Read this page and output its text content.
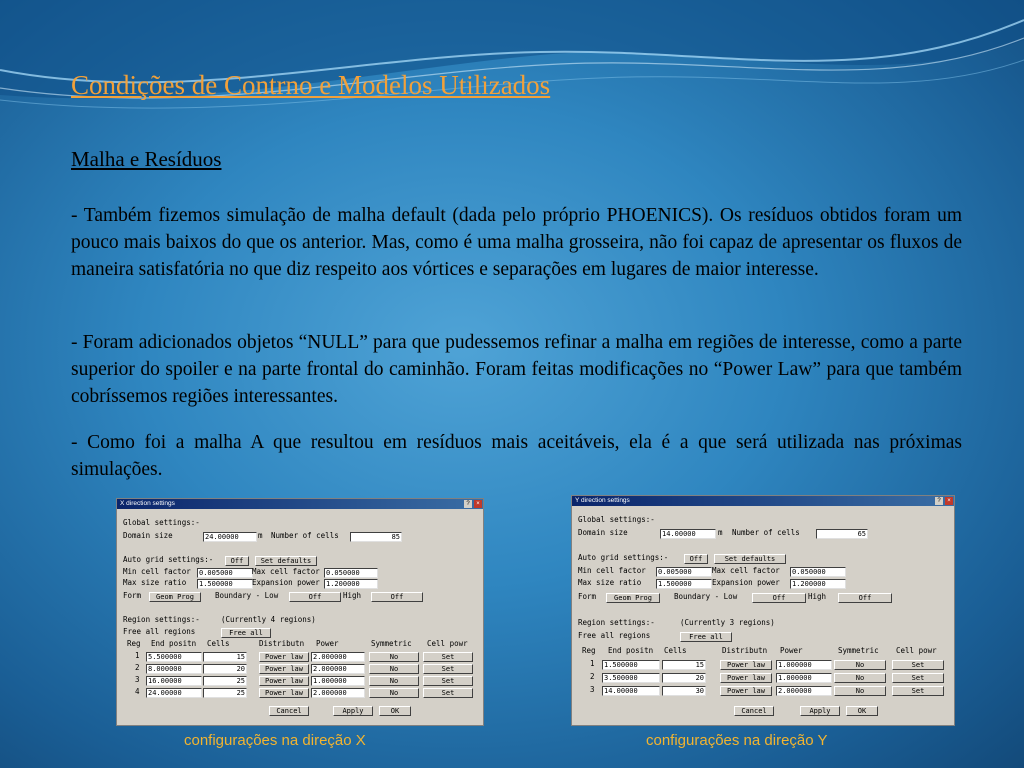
Condições de Contrno e Modelos Utilizados
Malha e Resíduos
- Também fizemos simulação de malha default (dada pelo próprio PHOENICS). Os resíduos obtidos foram um pouco mais baixos do que os anterior. Mas, como é uma malha grosseira, não foi capaz de apresentar os fluxos de maneira satisfatória no que diz respeito aos vórtices e separações em lugares de maior interesse.
- Foram adicionados objetos “NULL” para que pudessemos refinar a malha em regiões de interesse, como a parte superior do spoiler e na parte frontal do caminhão. Foram feitas modificações no “Power Law” para que também cobríssemos regiões interessantes.
- Como foi a malha A que resultou em resíduos mais aceitáveis, ela é a que será utilizada nas próximas simulações.
X direction settings	?	×
Global settings:-
Domain size	24.00000	m Number of cells	85
Auto grid settings:-	Off	Set defaults
Min cell factor 0.005000	Max cell factor 0.050000
Max size ratio 1.500000	Expansion power 1.200000
Form	Geom Prog	Boundary - Low	Off	High	Off
Region settings:-	(Currently 4 regions)
Free all regions	Free all
Reg End positn Cells	Distributn Power	Symmetric Cell powr
1 5.500000	15	Power law	2.000000	No	Set
2 8.000000	20	Power law	2.000000	No	Set
3 16.00000	25	Power law	1.000000	No	Set
4 24.00000	25	Power law	2.000000	No	Set
Cancel	Apply	OK
Y direction settings	?	×
Global settings:-
Domain size	14.00000	m Number of cells	65
Auto grid settings:-	Off	Set defaults
Min cell factor 0.005000	Max cell factor 0.050000
Max size ratio 1.500000	Expansion power 1.200000
Form	Geom Prog	Boundary - Low	Off	High	Off
Region settings:-	(Currently 3 regions)
Free all regions	Free all
Reg End positn Cells	Distributn Power	Symmetric Cell powr
1 1.500000	15	Power law	1.000000	No	Set
2 3.500000	20	Power law	1.000000	No	Set
3 14.00000	30	Power law	2.000000	No	Set
Cancel	Apply	OK
configurações na direção X	configurações na direção Y
